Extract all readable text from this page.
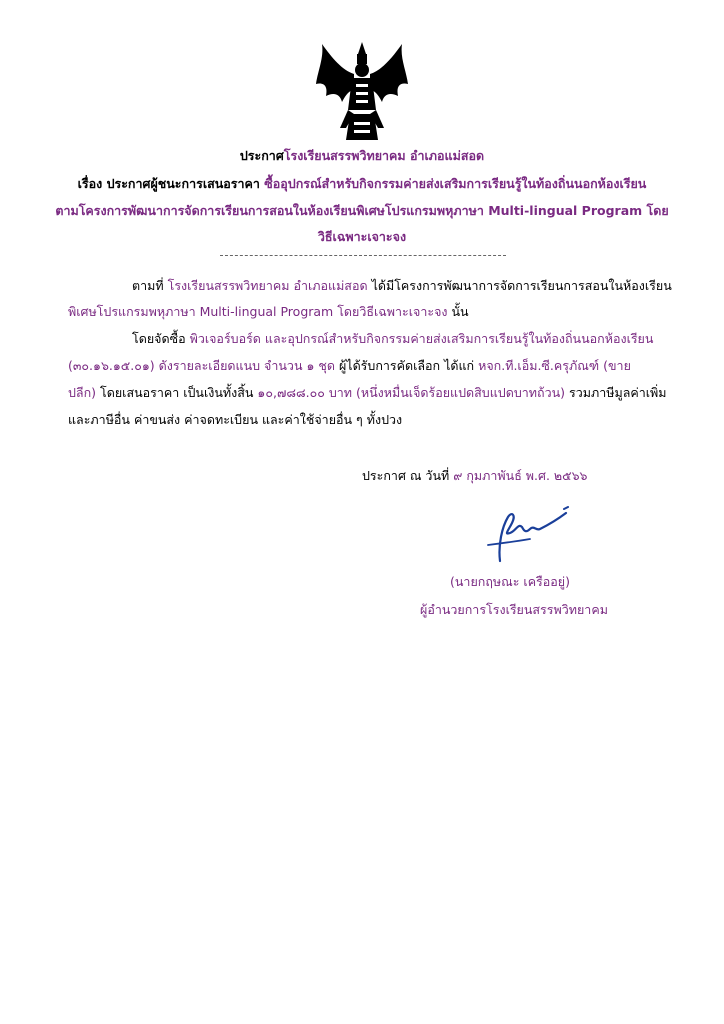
ประกาศโรงเรียนสรรพวิทยาคม อำเภอแม่สอด
เรื่อง ประกาศผู้ชนะการเสนอราคา ซื้ออุปกรณ์สำหรับกิจกรรมค่ายส่งเสริมการเรียนรู้ในท้องถิ่นนอกห้องเรียน
ตามโครงการพัฒนาการจัดการเรียนการสอนในห้องเรียนพิเศษโปรแกรมพหุภาษา Multi-lingual Program โดย
วิธีเฉพาะเจาะจง
ตามที่ โรงเรียนสรรพวิทยาคม อำเภอแม่สอด ได้มีโครงการพัฒนาการจัดการเรียนการสอนในห้องเรียน
พิเศษโปรแกรมพหุภาษา Multi-lingual Program โดยวิธีเฉพาะเจาะจง นั้น
โดยจัดซื้อ พิวเจอร์บอร์ด และอุปกรณ์สำหรับกิจกรรมค่ายส่งเสริมการเรียนรู้ในท้องถิ่นนอกห้องเรียน
(๓๐.๑๖.๑๕.๐๑) ดังรายละเอียดแนบ จำนวน ๑ ชุด ผู้ได้รับการคัดเลือก ได้แก่ หจก.ที.เอ็ม.ซี.ครุภัณฑ์ (ขาย
ปลีก) โดยเสนอราคา เป็นเงินทั้งสิ้น ๑๐,๗๘๘.๐๐ บาท (หนึ่งหมื่นเจ็ดร้อยแปดสิบแปดบาทถ้วน) รวมภาษีมูลค่าเพิ่ม
และภาษีอื่น ค่าขนส่ง ค่าจดทะเบียน และค่าใช้จ่ายอื่น ๆ ทั้งปวง
ประกาศ ณ วันที่ ๙ กุมภาพันธ์ พ.ศ. ๒๕๖๖
(นายกฤษณะ เครืออยู่)
ผู้อำนวยการโรงเรียนสรรพวิทยาคม
